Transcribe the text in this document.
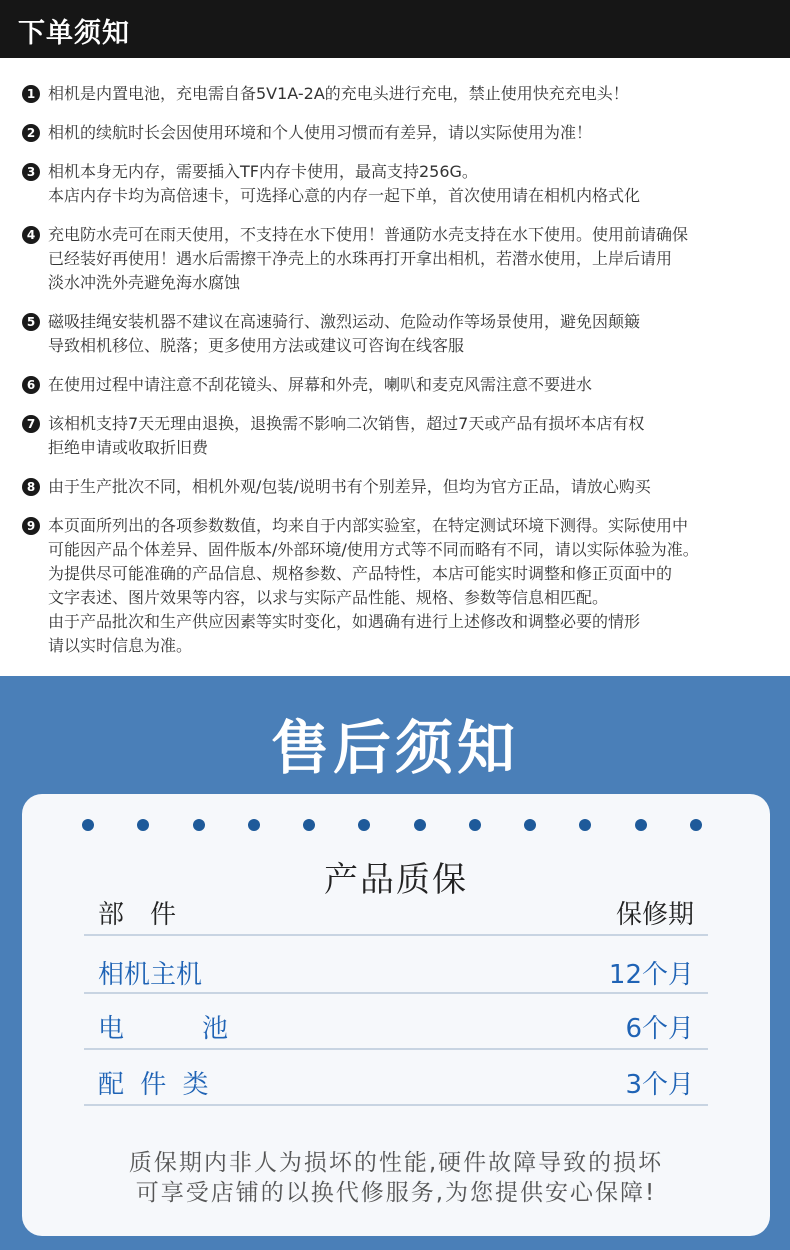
下单须知
1 相机是内置电池，充电需自备5V1A-2A的充电头进行充电，禁止使用快充充电头！
2 相机的续航时长会因使用环境和个人使用习惯而有差异，请以实际使用为准！
3 相机本身无内存，需要插入TF内存卡使用，最高支持256G。
本店内存卡均为高倍速卡，可选择心意的内存一起下单，首次使用请在相机内格式化
4 充电防水壳可在雨天使用，不支持在水下使用！普通防水壳支持在水下使用。使用前请确保
已经装好再使用！遇水后需擦干净壳上的水珠再打开拿出相机，若潜水使用，上岸后请用
淡水冲洗外壳避免海水腐蚀
5 磁吸挂绳安装机器不建议在高速骑行、激烈运动、危险动作等场景使用，避免因颠簸
导致相机移位、脱落；更多使用方法或建议可咨询在线客服
6 在使用过程中请注意不刮花镜头、屏幕和外壳，喇叭和麦克风需注意不要进水
7 该相机支持7天无理由退换，退换需不影响二次销售，超过7天或产品有损坏本店有权
拒绝申请或收取折旧费
8 由于生产批次不同，相机外观/包装/说明书有个别差异，但均为官方正品，请放心购买
9 本页面所列出的各项参数数值，均来自于内部实验室，在特定测试环境下测得。实际使用中
可能因产品个体差异、固件版本/外部环境/使用方式等不同而略有不同，请以实际体验为准。
为提供尽可能准确的产品信息、规格参数、产品特性，本店可能实时调整和修正页面中的
文字表述、图片效果等内容，以求与实际产品性能、规格、参数等信息相匹配。
由于产品批次和生产供应因素等实时变化，如遇确有进行上述修改和调整必要的情形
请以实时信息为准。
售后须知
产品质保
部件	保修期
相机主机	12个月
电　池	6个月
配 件 类	3个月
质保期内非人为损坏的性能,硬件故障导致的损坏
可享受店铺的以换代修服务,为您提供安心保障!
